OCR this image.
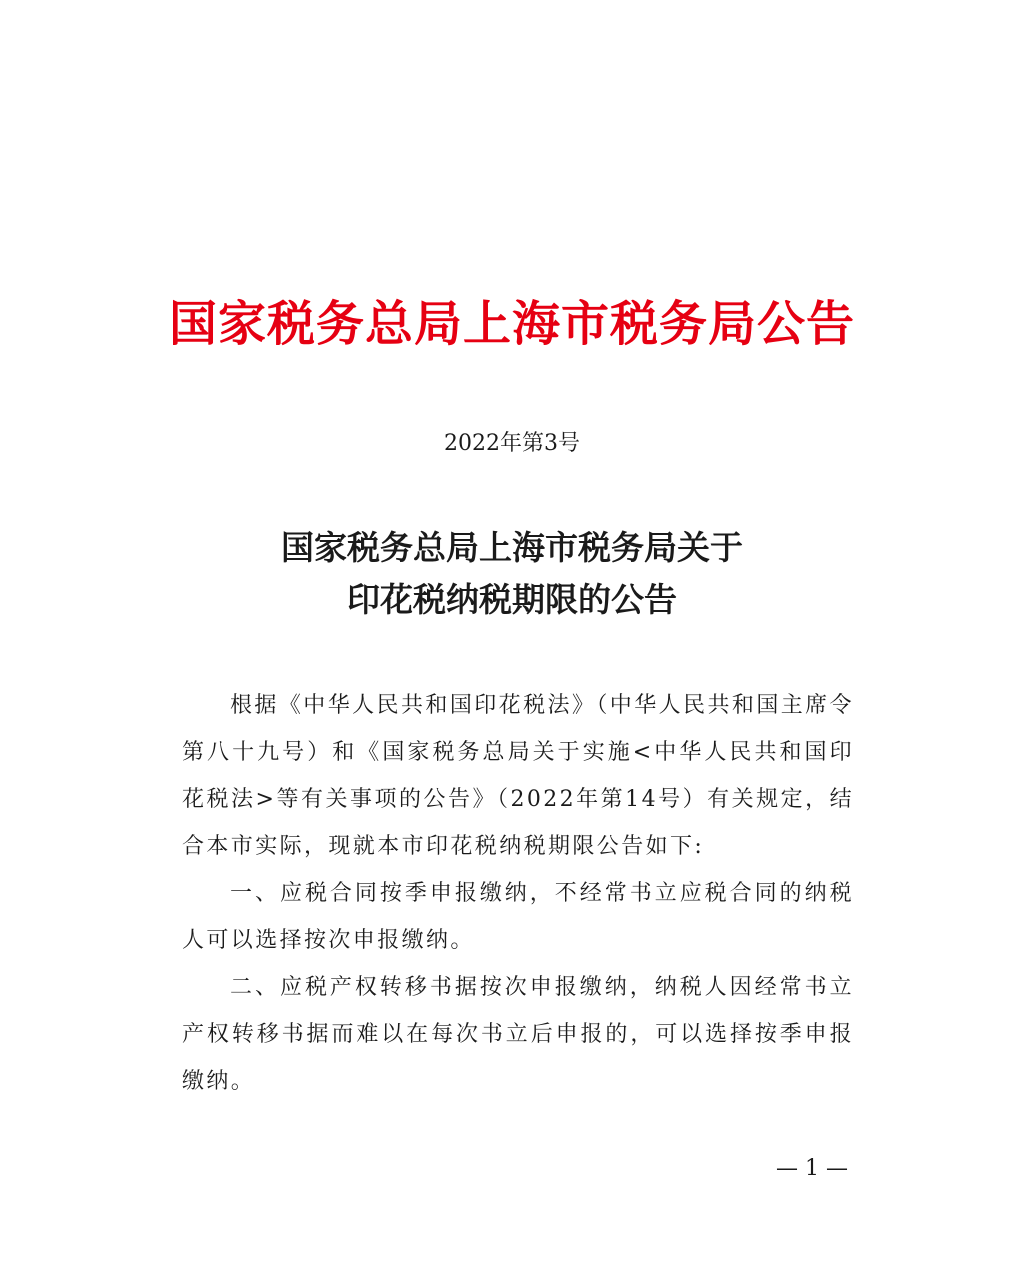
国家税务总局上海市税务局公告
2022年第3号
国家税务总局上海市税务局关于
印花税纳税期限的公告

根据《中华人民共和国印花税法》（中华人民共和国主席令第八十九号）和《国家税务总局关于实施<中华人民共和国印花税法>等有关事项的公告》（2022年第14号）有关规定，结合本市实际，现就本市印花税纳税期限公告如下:

一、应税合同按季申报缴纳，不经常书立应税合同的纳税人可以选择按次申报缴纳。

二、应税产权转移书据按次申报缴纳，纳税人因经常书立产权转移书据而难以在每次书立后申报的，可以选择按季申报缴纳。

— 1 —
